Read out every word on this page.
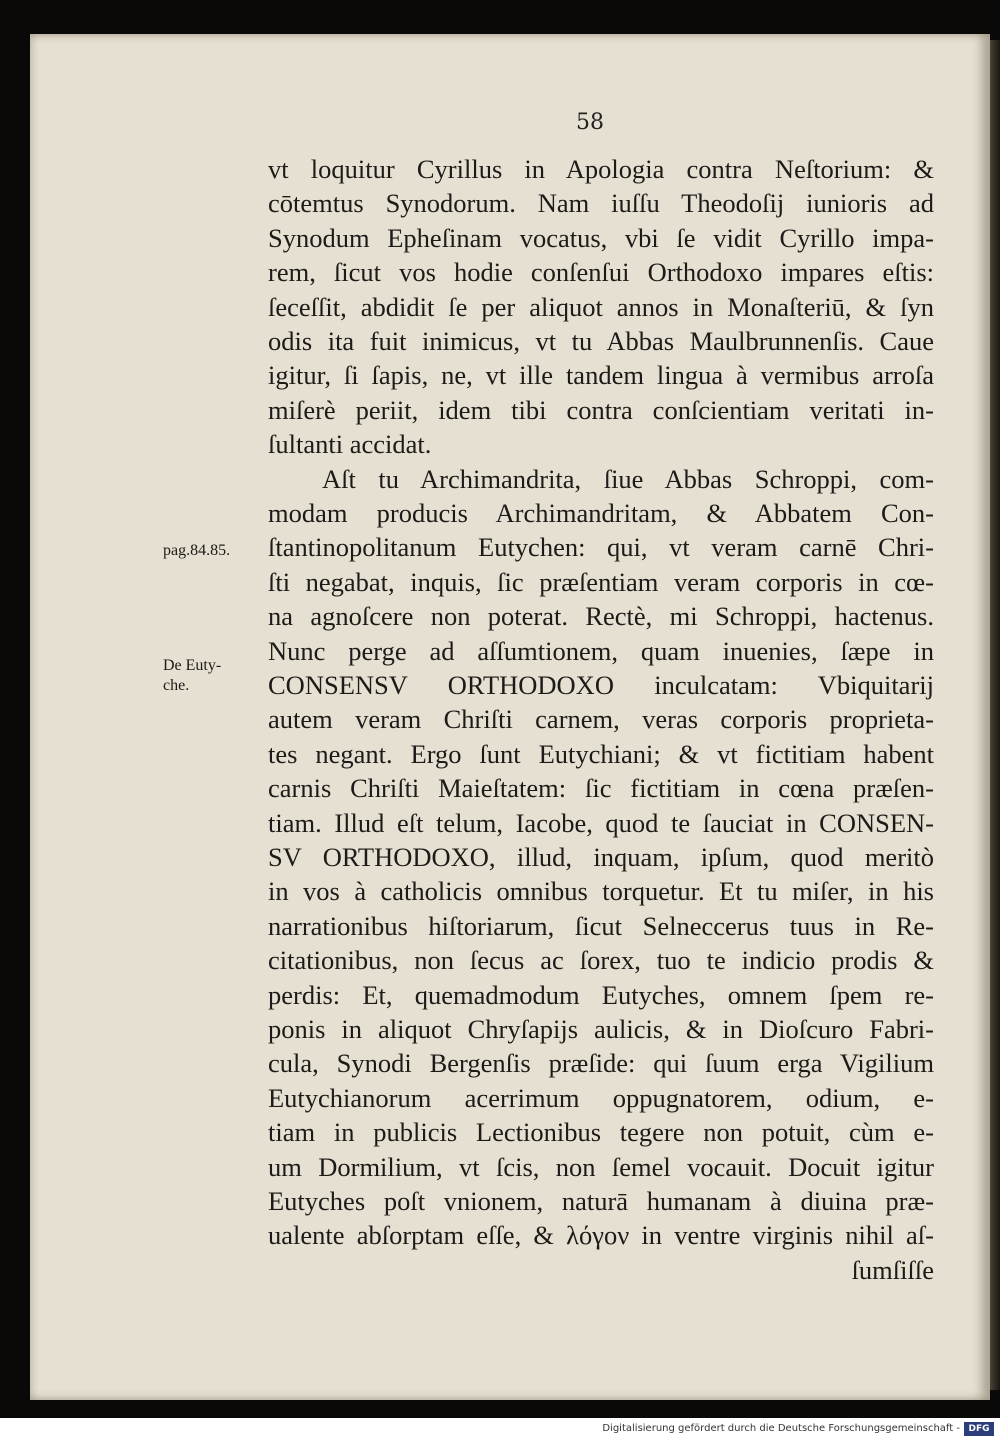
58
vt loquitur Cyrillus in Apologia contra Neſtorium: &
cōtemtus Synodorum. Nam iuſſu Theodoſij iunioris ad
Synodum Epheſinam vocatus, vbi ſe vidit Cyrillo impa-
rem, ſicut vos hodie conſenſui Orthodoxo impares eſtis:
ſeceſſit, abdidit ſe per aliquot annos in Monaſteriū, & ſyn
odis ita fuit inimicus, vt tu Abbas Maulbrunnenſis. Caue
igitur, ſi ſapis, ne, vt ille tandem lingua à vermibus arroſa
miſerè periit, idem tibi contra conſcientiam veritati in-
ſultanti accidat.
Aſt tu Archimandrita, ſiue Abbas Schroppi, com-
modam producis Archimandritam, & Abbatem Con-
ſtantinopolitanum Eutychen: qui, vt veram carnē Chri-
ſti negabat, inquis, ſic præſentiam veram corporis in cœ-
na agnoſcere non poterat. Rectè, mi Schroppi, hactenus.
Nunc perge ad aſſumtionem, quam inuenies, ſæpe in
CONSENSV ORTHODOXO inculcatam: Vbiquitarij
autem veram Chriſti carnem, veras corporis proprieta-
tes negant. Ergo ſunt Eutychiani; & vt fictitiam habent
carnis Chriſti Maieſtatem: ſic fictitiam in cœna præſen-
tiam. Illud eſt telum, Iacobe, quod te ſauciat in CONSEN-
SV ORTHODOXO, illud, inquam, ipſum, quod meritò
in vos à catholicis omnibus torquetur. Et tu miſer, in his
narrationibus hiſtoriarum, ſicut Selneccerus tuus in Re-
citationibus, non ſecus ac ſorex, tuo te indicio prodis &
perdis: Et, quemadmodum Eutyches, omnem ſpem re-
ponis in aliquot Chryſapijs aulicis, & in Dioſcuro Fabri-
cula, Synodi Bergenſis præſide: qui ſuum erga Vigilium
Eutychianorum acerrimum oppugnatorem, odium, e-
tiam in publicis Lectionibus tegere non potuit, cùm e-
um Dormilium, vt ſcis, non ſemel vocauit. Docuit igitur
Eutyches poſt vnionem, naturā humanam à diuina præ-
ualente abſorptam eſſe, & λόγον in ventre virginis nihil aſ-
ſumſiſſe
pag.84.85.
De Euty-
che.
Digitalisierung gefördert durch die Deutsche Forschungsgemeinschaft - DFG
